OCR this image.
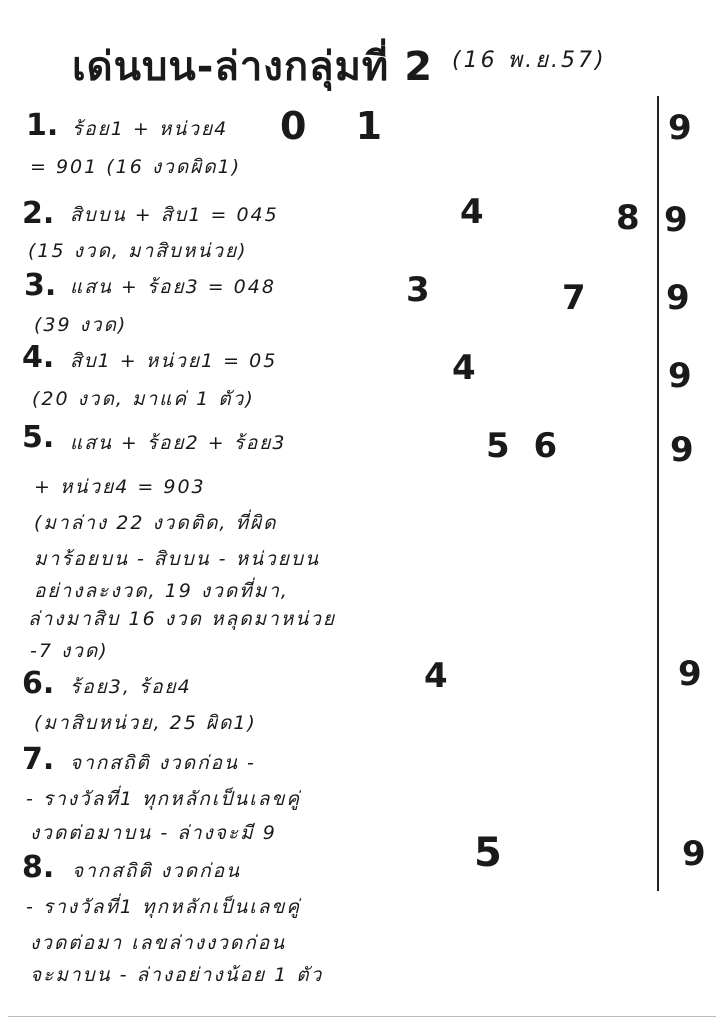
เด่นบน-ล่างกลุ่มที่ 2 (16 พ.ย.57)
1. ร้อย1 + หน่วย4
= 901 (16 งวดผิด1)
2. สิบบน + สิบ1 = 045
(15 งวด, มาสิบหน่วย)
3. แสน + ร้อย3 = 048
(39 งวด)
4. สิบ1 + หน่วย1 = 05
(20 งวด, มาแค่ 1 ตัว)
5. แสน + ร้อย2 + ร้อย3
+ หน่วย4 = 903
(มาล่าง 22 งวดติด, ที่ผิด
มาร้อยบน - สิบบน - หน่วยบน
อย่างละงวด, 19 งวดที่มา,
ล่างมาสิบ 16 งวด หลุดมาหน่วย
-7 งวด)
6. ร้อย3, ร้อย4
(มาสิบหน่วย, 25 ผิด1)
7. จากสถิติ งวดก่อน -
- รางวัลที่1 ทุกหลักเป็นเลขคู่
งวดต่อมาบน - ล่างจะมี 9
8. จากสถิติ งวดก่อน
- รางวัลที่1 ทุกหลักเป็นเลขคู่
งวดต่อมา เลขล่างงวดก่อน
จะมาบน - ล่างอย่างน้อย 1 ตัว
0 1
4	8
3	7
4
5 6
4
5
9
9
9
9
9
9
9
